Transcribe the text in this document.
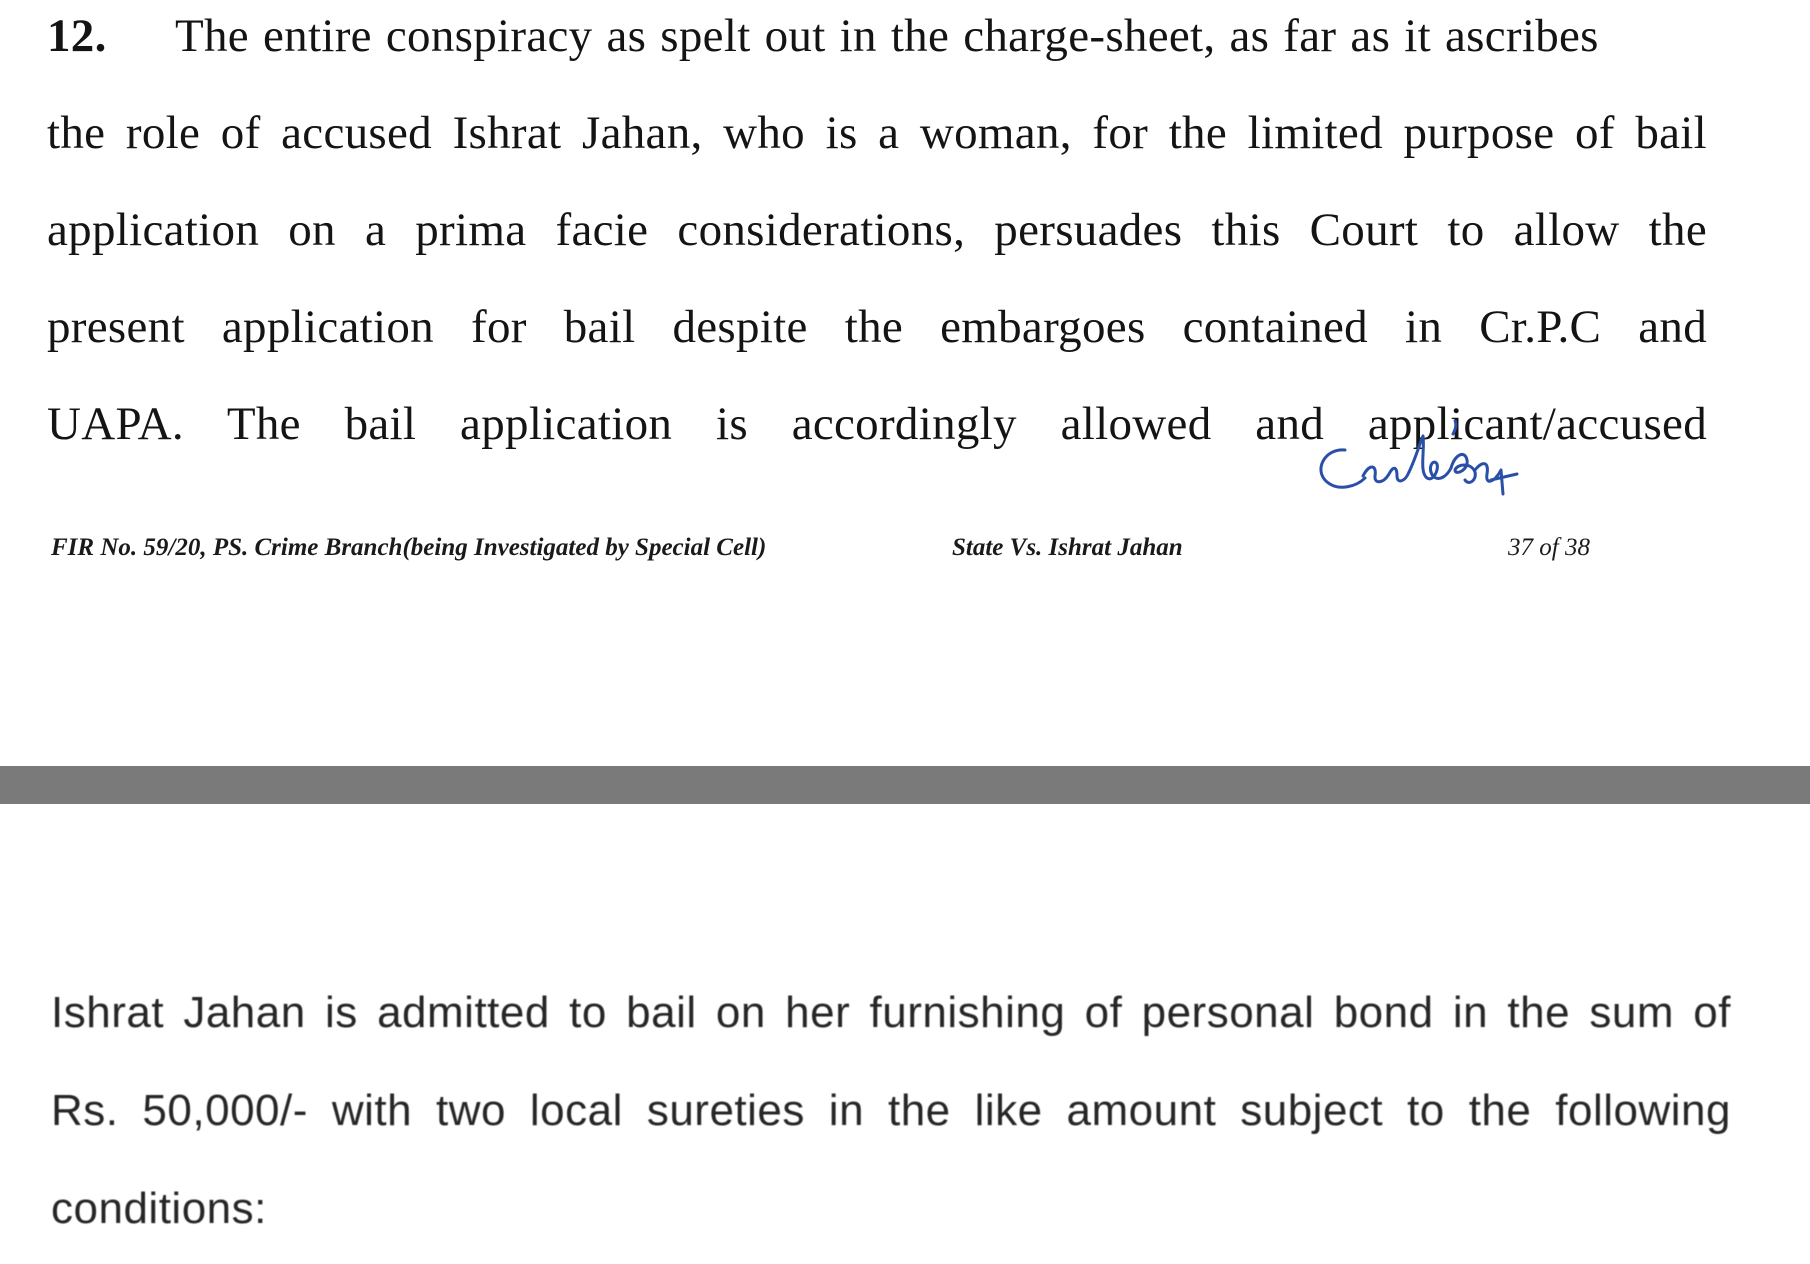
12. The entire conspiracy as spelt out in the charge-sheet, as far as it ascribes
the role of accused Ishrat Jahan, who is a woman, for the limited purpose of bail
application on a prima facie considerations, persuades this Court to allow the
present application for bail despite the embargoes contained in Cr.P.C and
UAPA. The bail application is accordingly allowed and applicant/accused
FIR No. 59/20, PS. Crime Branch(being Investigated by Special Cell)	State Vs. Ishrat Jahan	37 of 38
Ishrat Jahan is admitted to bail on her furnishing of personal bond in the sum of
Rs. 50,000/- with two local sureties in the like amount subject to the following
conditions:
